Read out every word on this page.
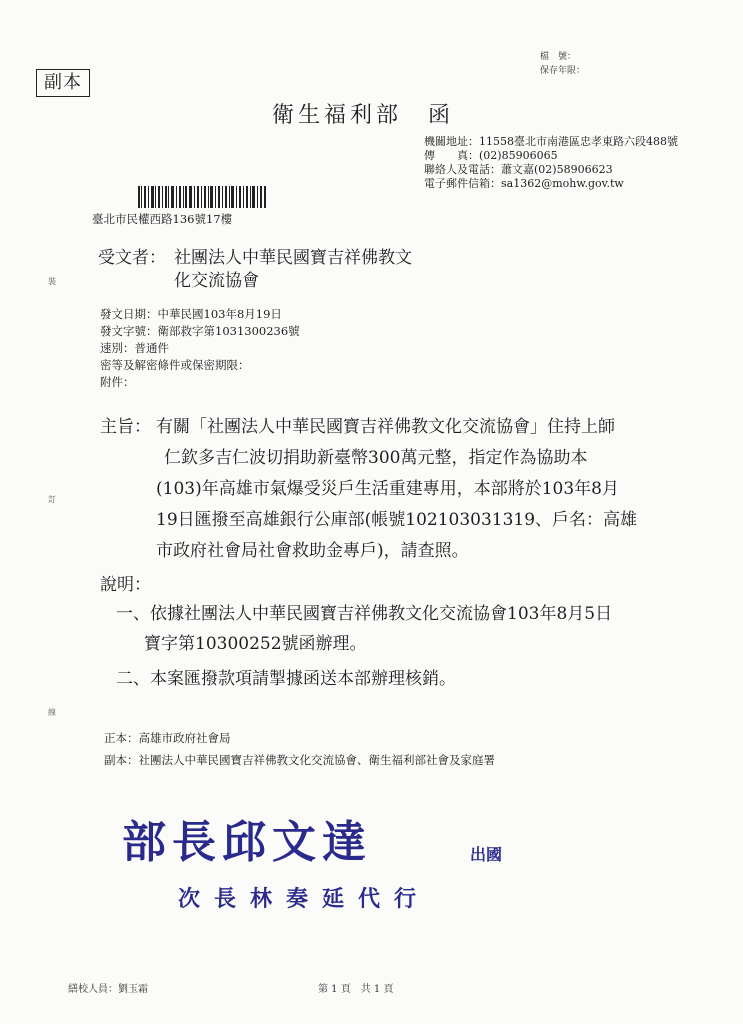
副本
檔　號：
保存年限：
衛生福利部　函
機關地址：11558臺北市南港區忠孝東路六段488號
傳　　真：(02)85906065
聯絡人及電話：蕭文嘉(02)58906623
電子郵件信箱：sa1362@mohw.gov.tw
臺北市民權西路136號17樓
受文者： 社團法人中華民國寶吉祥佛教文
化交流協會
發文日期：中華民國103年8月19日
發文字號：衛部救字第1031300236號
速別：普通件
密等及解密條件或保密期限：
附件：
主旨： 有關「社團法人中華民國寶吉祥佛教文化交流協會」住持上師
仁欽多吉仁波切捐助新臺幣300萬元整，指定作為協助本
(103)年高雄市氣爆受災戶生活重建專用，本部將於103年8月
19日匯撥至高雄銀行公庫部(帳號102103031319、戶名：高雄
市政府社會局社會救助金專戶)，請查照。
說明：
一、依據社團法人中華民國寶吉祥佛教文化交流協會103年8月5日
寶字第10300252號函辦理。
二、本案匯撥款項請掣據函送本部辦理核銷。
正本：高雄市政府社會局
副本：社團法人中華民國寶吉祥佛教文化交流協會、衛生福利部社會及家庭署
部長邱文達	出國
次長林奏延代行
裝
訂
線
繕校人員：劉玉霜	第 1 頁　共 1 頁
